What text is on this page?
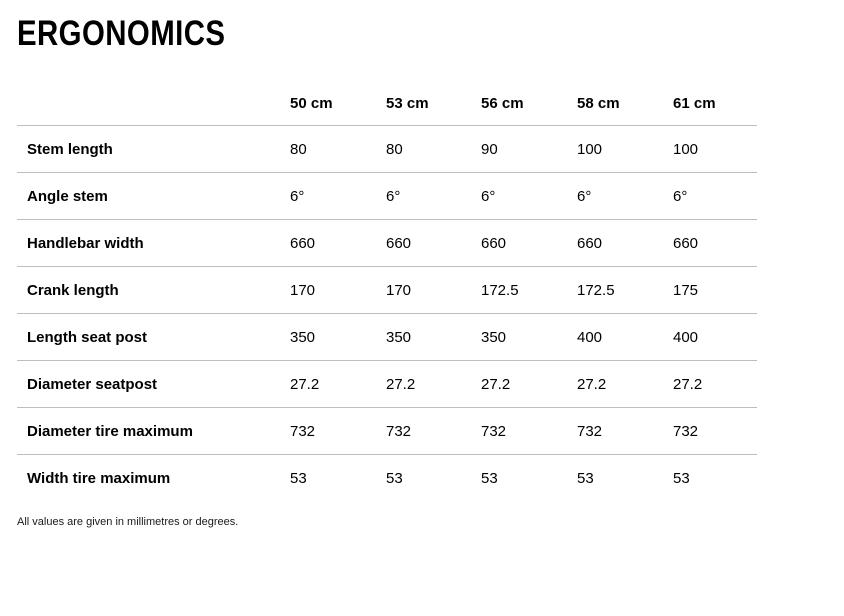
ERGONOMICS
	50 cm	53 cm	56 cm	58 cm	61 cm
Stem length	80	80	90	100	100
Angle stem	6°	6°	6°	6°	6°
Handlebar width	660	660	660	660	660
Crank length	170	170	172.5	172.5	175
Length seat post	350	350	350	400	400
Diameter seatpost	27.2	27.2	27.2	27.2	27.2
Diameter tire maximum	732	732	732	732	732
Width tire maximum	53	53	53	53	53

All values are given in millimetres or degrees.
